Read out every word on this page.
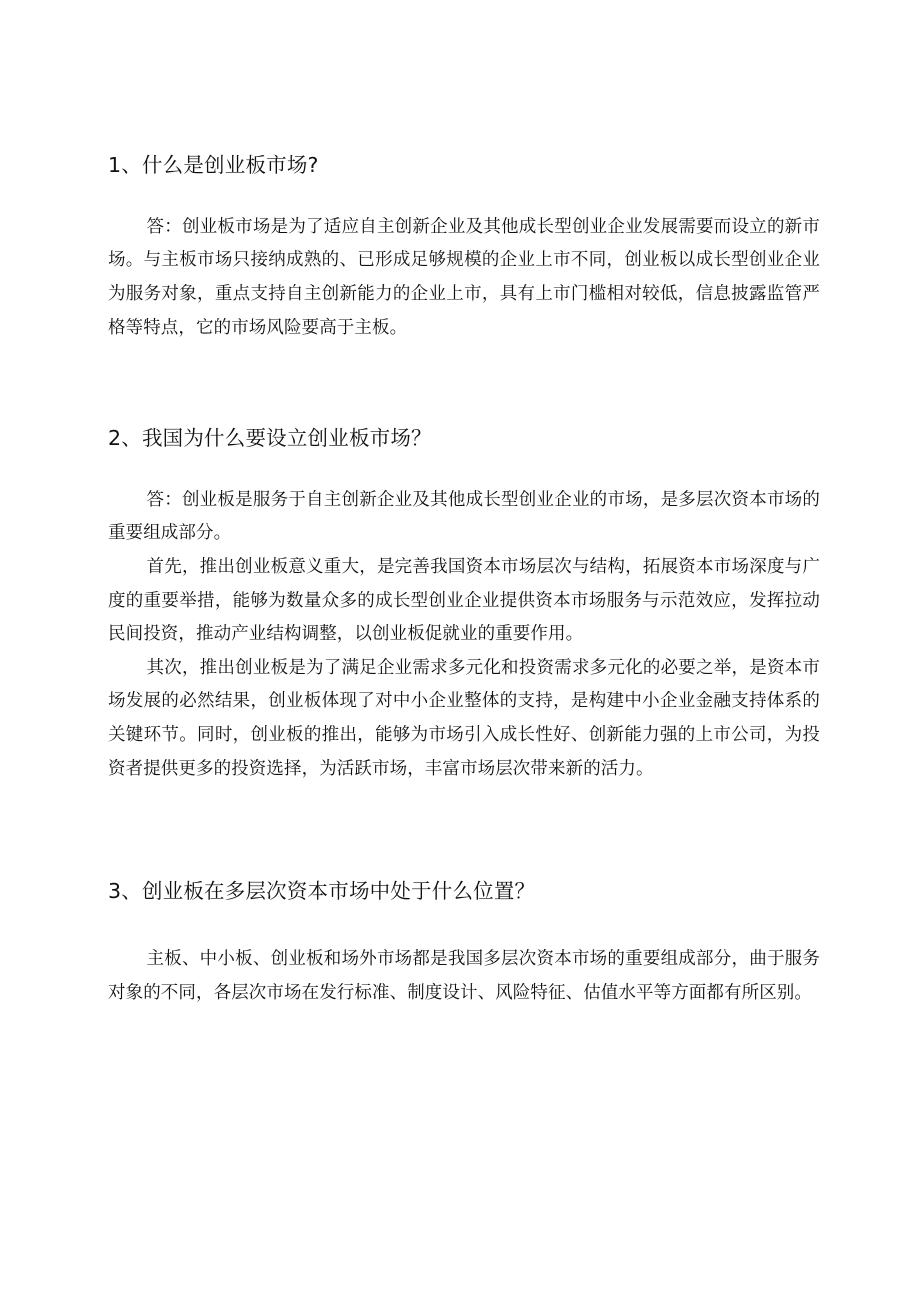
1、什么是创业板市场?

答：创业板市场是为了适应自主创新企业及其他成长型创业企业发展需要而设立的新市场。与主板市场只接纳成熟的、已形成足够规模的企业上市不同，创业板以成长型创业企业为服务对象，重点支持自主创新能力的企业上市，具有上市门槛相对较低，信息披露监管严格等特点，它的市场风险要高于主板。

2、我国为什么要设立创业板市场？

答：创业板是服务于自主创新企业及其他成长型创业企业的市场，是多层次资本市场的重要组成部分。

首先，推出创业板意义重大，是完善我国资本市场层次与结构，拓展资本市场深度与广度的重要举措，能够为数量众多的成长型创业企业提供资本市场服务与示范效应，发挥拉动民间投资，推动产业结构调整，以创业板促就业的重要作用。

其次，推出创业板是为了满足企业需求多元化和投资需求多元化的必要之举，是资本市场发展的必然结果，创业板体现了对中小企业整体的支持，是构建中小企业金融支持体系的关键环节。同时，创业板的推出，能够为市场引入成长性好、创新能力强的上市公司，为投资者提供更多的投资选择，为活跃市场，丰富市场层次带来新的活力。

3、创业板在多层次资本市场中处于什么位置？

主板、中小板、创业板和场外市场都是我国多层次资本市场的重要组成部分，曲于服务对象的不同，各层次市场在发行标准、制度设计、风险特征、估值水平等方面都有所区别。
